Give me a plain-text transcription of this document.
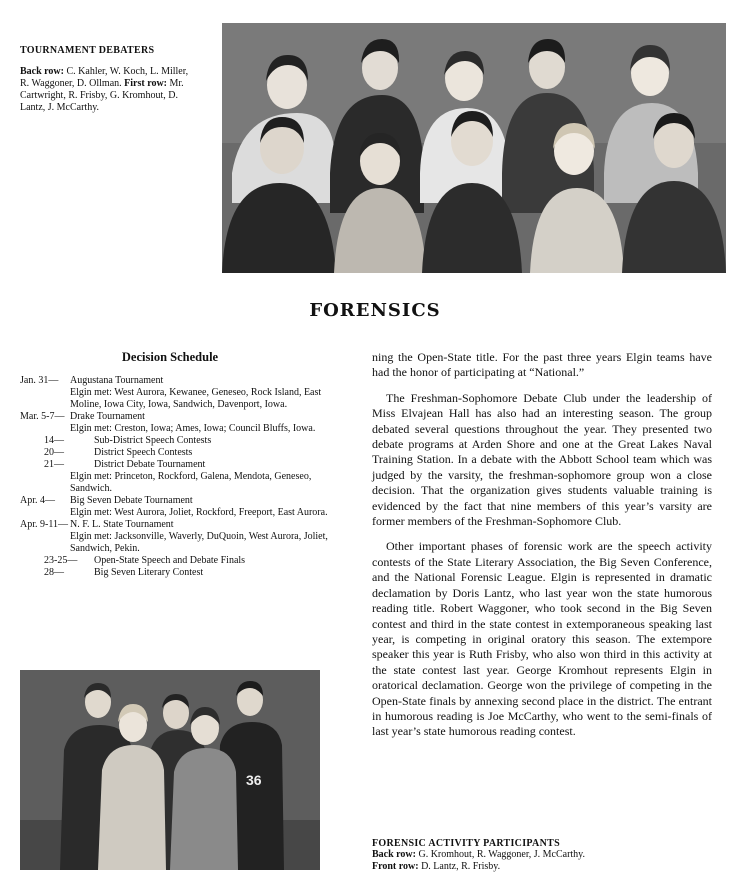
TOURNAMENT DEBATERS
Back row: C. Kahler, W. Koch, L. Miller, R. Waggoner, D. Ollman. First row: Mr. Cartwright, R. Frisby, G. Kromhout, D. Lantz, J. McCarthy.
FORENSICS
Decision Schedule
Jan. 31—	Augustana Tournament
Elgin met: West Aurora, Kewanee, Geneseo, Rock Island, East Moline, Iowa City, Iowa, Sandwich, Davenport, Iowa.
Mar. 5-7— Drake Tournament
Elgin met: Creston, Iowa; Ames, Iowa; Council Bluffs, Iowa.
14—	Sub-District Speech Contests
20—	District Speech Contests
21—	District Debate Tournament
Elgin met: Princeton, Rockford, Galena, Mendota, Geneseo, Sandwich.
Apr. 4—	Big Seven Debate Tournament
Elgin met: West Aurora, Joliet, Rockford, Freeport, East Aurora.
Apr. 9-11— N. F. L. State Tournament
Elgin met: Jacksonville, Waverly, DuQuoin, West Aurora, Joliet, Sandwich, Pekin.
23-25—	Open-State Speech and Debate Finals
28—	Big Seven Literary Contest

ning the Open-State title. For the past three years Elgin teams have had the honor of participating at “National.”

The Freshman-Sophomore Debate Club under the leadership of Miss Elvajean Hall has also had an interesting season. The group debated several questions throughout the year. They presented two debate programs at Arden Shore and one at the Great Lakes Naval Training Station. In a debate with the Abbott School team which was judged by the varsity, the freshman-sophomore group won a close decision. That the organization gives students valuable training is evidenced by the fact that nine members of this year’s varsity are former members of the Freshman-Sophomore Club.

Other important phases of forensic work are the speech activity contests of the State Literary Association, the Big Seven Conference, and the National Forensic League. Elgin is represented in dramatic declamation by Doris Lantz, who last year won the state humorous reading title. Robert Waggoner, who took second in the Big Seven contest and third in the state contest in extemporaneous speaking last year, is competing in original oratory this season. The extempore speaker this year is Ruth Frisby, who also won third in this activity at the state contest last year. George Kromhout represents Elgin in oratorical declamation. George won the privilege of competing in the Open-State finals by annexing second place in the district. The entrant in humorous reading is Joe McCarthy, who went to the semi-finals of last year’s state humorous reading contest.

36
FORENSIC ACTIVITY PARTICIPANTS
Back row: G. Kromhout, R. Waggoner, J. McCarthy. Front row: D. Lantz, R. Frisby.
